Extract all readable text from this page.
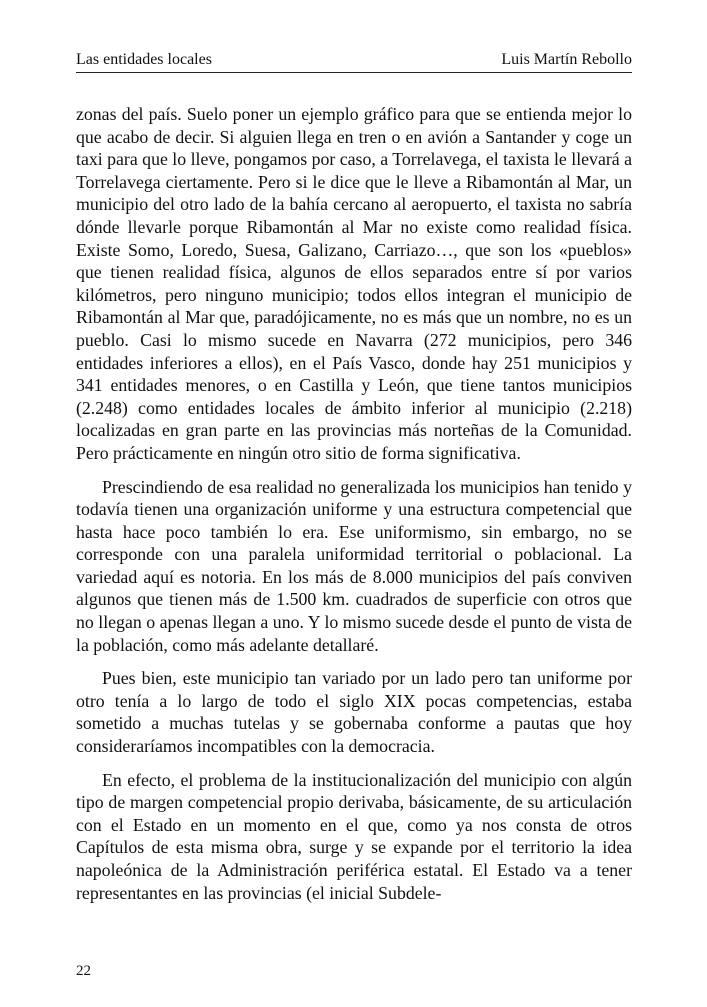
Las entidades locales	Luis Martín Rebollo

zonas del país. Suelo poner un ejemplo gráfico para que se entienda mejor lo que acabo de decir. Si alguien llega en tren o en avión a Santander y coge un taxi para que lo lleve, pongamos por caso, a Torrelavega, el taxista le llevará a Torrelavega ciertamente. Pero si le dice que le lleve a Ribamontán al Mar, un municipio del otro lado de la bahía cercano al aeropuerto, el taxista no sabría dónde llevarle porque Ribamontán al Mar no existe como realidad física. Existe Somo, Loredo, Suesa, Galizano, Carriazo…, que son los «pueblos» que tienen realidad física, algunos de ellos separados entre sí por varios kilómetros, pero ninguno municipio; todos ellos integran el municipio de Ribamontán al Mar que, paradójicamente, no es más que un nombre, no es un pueblo. Casi lo mismo sucede en Navarra (272 municipios, pero 346 entidades inferiores a ellos), en el País Vasco, donde hay 251 municipios y 341 entidades menores, o en Castilla y León, que tiene tantos municipios (2.248) como entidades locales de ámbito inferior al municipio (2.218) localizadas en gran parte en las provincias más norteñas de la Comunidad. Pero prácticamente en ningún otro sitio de forma significativa.

Prescindiendo de esa realidad no generalizada los municipios han tenido y todavía tienen una organización uniforme y una estructura competencial que hasta hace poco también lo era. Ese uniformismo, sin embargo, no se corresponde con una paralela uniformidad territorial o poblacional. La variedad aquí es notoria. En los más de 8.000 municipios del país conviven algunos que tienen más de 1.500 km. cuadrados de superficie con otros que no llegan o apenas llegan a uno. Y lo mismo sucede desde el punto de vista de la población, como más adelante detallaré.

Pues bien, este municipio tan variado por un lado pero tan uniforme por otro tenía a lo largo de todo el siglo XIX pocas competencias, estaba sometido a muchas tutelas y se gobernaba conforme a pautas que hoy consideraríamos incompatibles con la democracia.

En efecto, el problema de la institucionalización del municipio con algún tipo de margen competencial propio derivaba, básicamente, de su articulación con el Estado en un momento en el que, como ya nos consta de otros Capítulos de esta misma obra, surge y se expande por el territorio la idea napoleónica de la Administración periférica estatal. El Estado va a tener representantes en las provincias (el inicial Subdele-

22
